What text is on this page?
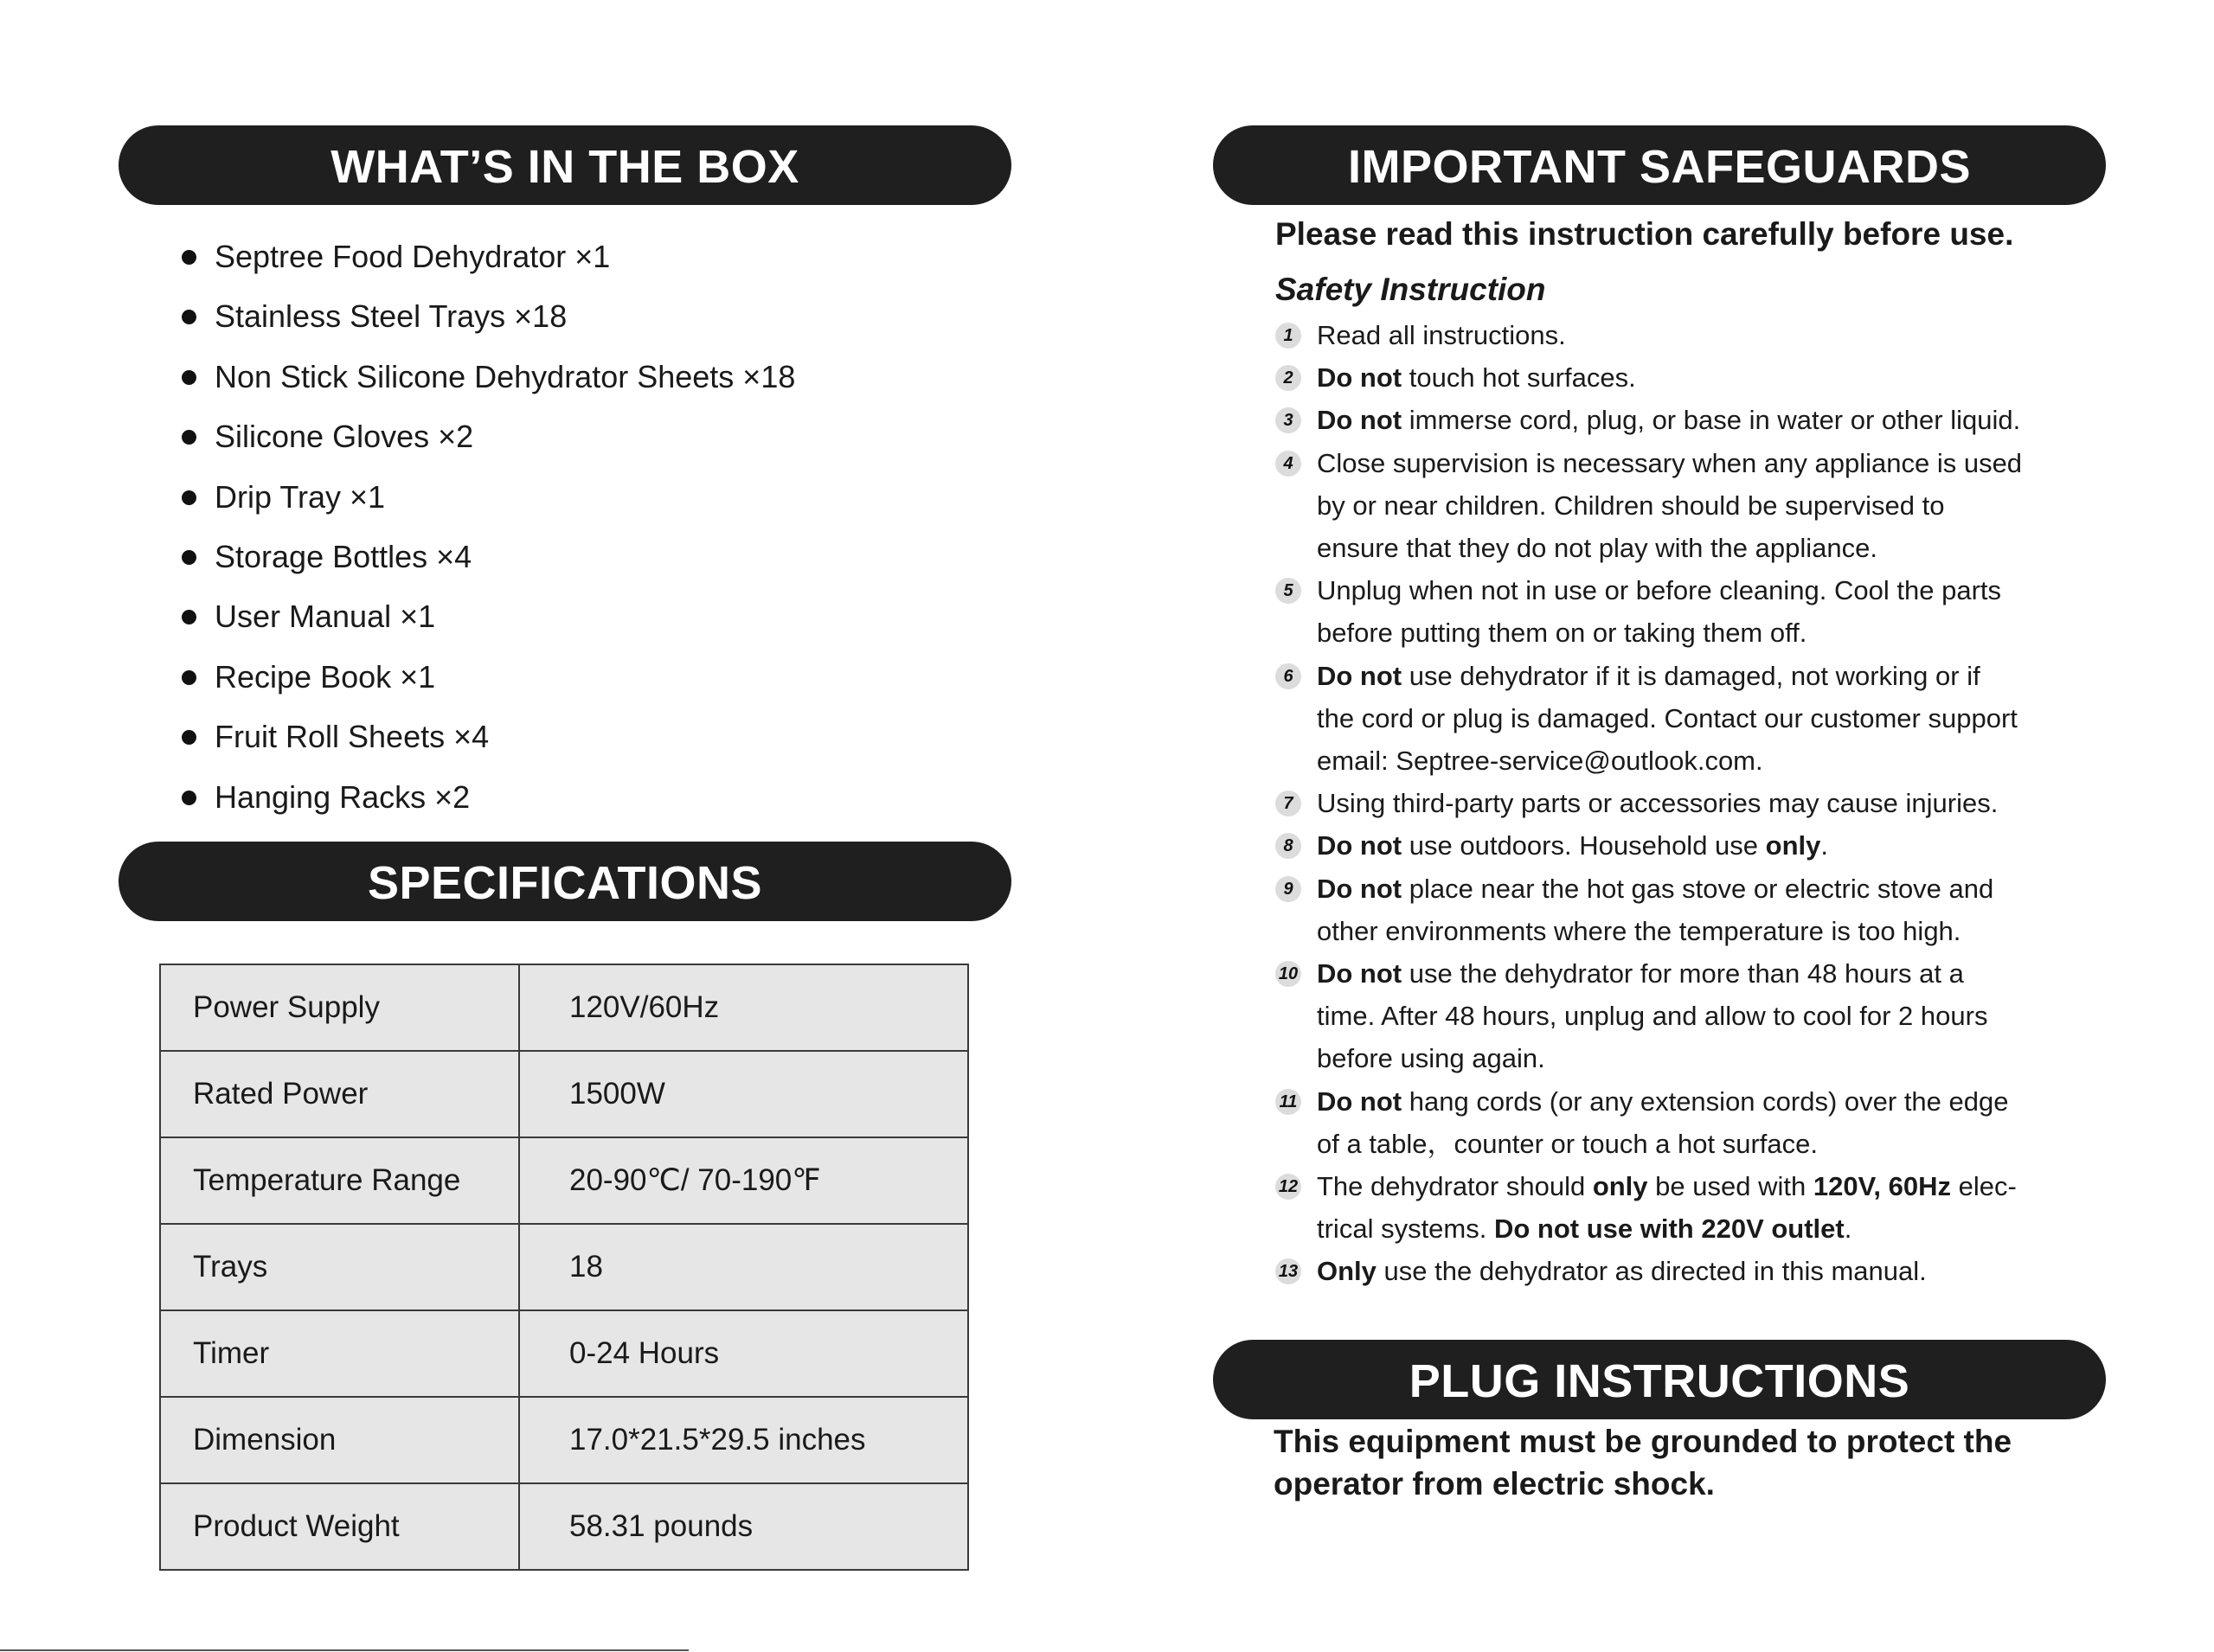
WHAT’S IN THE BOX
Septree Food Dehydrator ×1
Stainless Steel Trays ×18
Non Stick Silicone Dehydrator Sheets ×18
Silicone Gloves ×2
Drip Tray ×1
Storage Bottles ×4
User Manual ×1
Recipe Book ×1
Fruit Roll Sheets ×4
Hanging Racks ×2
SPECIFICATIONS
Power Supply	120V/60Hz
Rated Power	1500W
Temperature Range	20-90℃/ 70-190℉
Trays	18
Timer	0-24 Hours
Dimension	17.0*21.5*29.5 inches
Product Weight	58.31 pounds
IMPORTANT SAFEGUARDS
Please read this instruction carefully before use.
Safety Instruction
1 Read all instructions.
2 Do not touch hot surfaces.
3 Do not immerse cord, plug, or base in water or other liquid.
4 Close supervision is necessary when any appliance is used
by or near children. Children should be supervised to
ensure that they do not play with the appliance.
5 Unplug when not in use or before cleaning. Cool the parts
before putting them on or taking them off.
6 Do not use dehydrator if it is damaged, not working or if
the cord or plug is damaged. Contact our customer support
email: Septree-service@outlook.com.
7 Using third-party parts or accessories may cause injuries.
8 Do not use outdoors. Household use only.
9 Do not place near the hot gas stove or electric stove and
other environments where the temperature is too high.
10 Do not use the dehydrator for more than 48 hours at a
time. After 48 hours, unplug and allow to cool for 2 hours
before using again.
11 Do not hang cords (or any extension cords) over the edge
of a table，counter or touch a hot surface.
12 The dehydrator should only be used with 120V, 60Hz elec-
trical systems. Do not use with 220V outlet.
13 Only use the dehydrator as directed in this manual.
PLUG INSTRUCTIONS
This equipment must be grounded to protect the
operator from electric shock.
